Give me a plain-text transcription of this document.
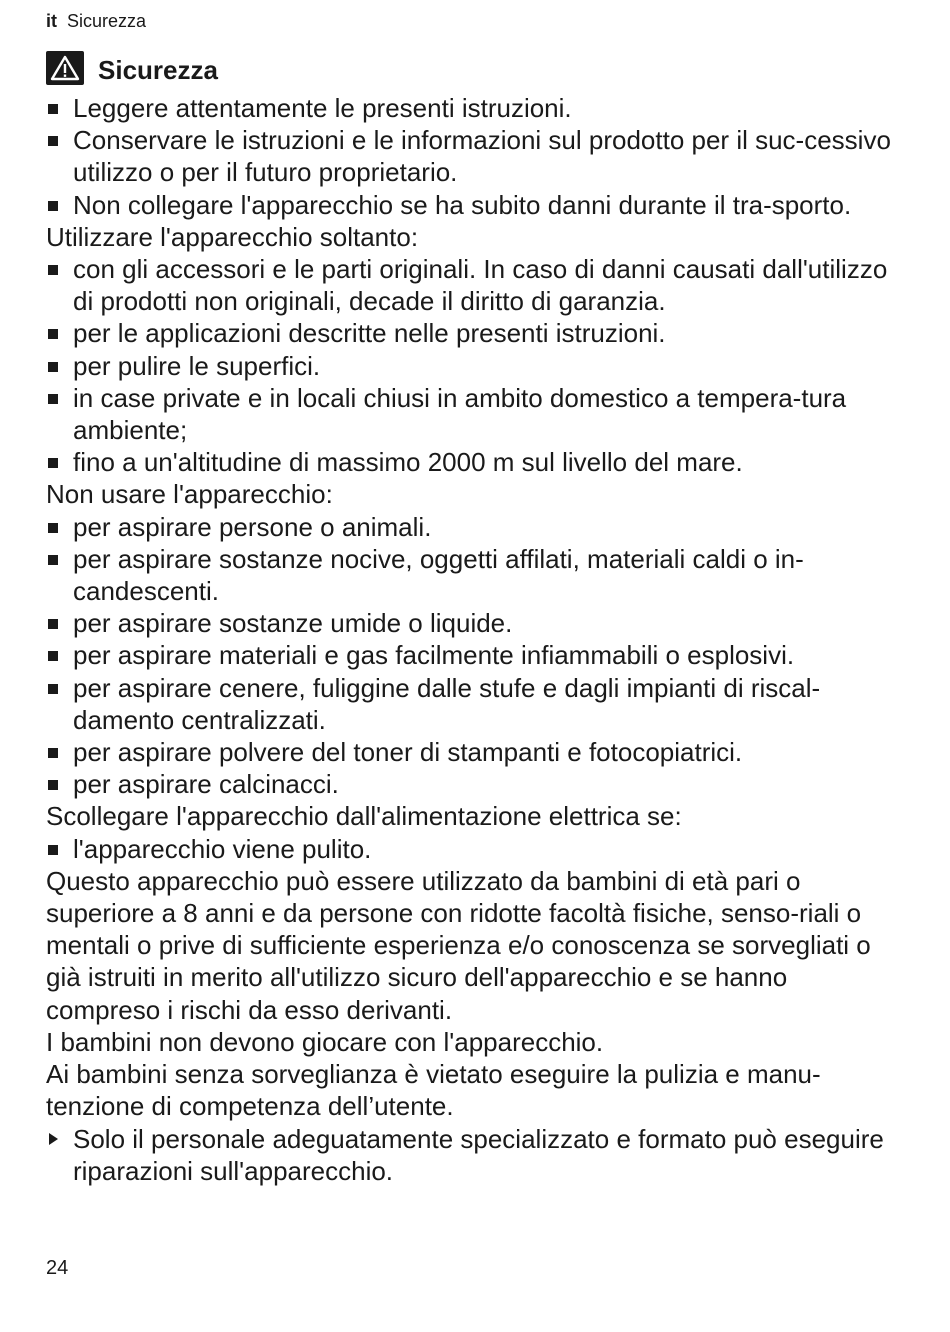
it Sicurezza
Sicurezza
Leggere attentamente le presenti istruzioni.
Conservare le istruzioni e le informazioni sul prodotto per il suc-cessivo utilizzo o per il futuro proprietario.
Non collegare l'apparecchio se ha subito danni durante il tra-sporto.

Utilizzare l'apparecchio soltanto:

con gli accessori e le parti originali. In caso di danni causati dall'utilizzo di prodotti non originali, decade il diritto di garanzia.
per le applicazioni descritte nelle presenti istruzioni.
per pulire le superfici.
in case private e in locali chiusi in ambito domestico a tempera-tura ambiente;
fino a un'altitudine di massimo 2000 m sul livello del mare.

Non usare l'apparecchio:

per aspirare persone o animali.
per aspirare sostanze nocive, oggetti affilati, materiali caldi o in-candescenti.
per aspirare sostanze umide o liquide.
per aspirare materiali e gas facilmente infiammabili o esplosivi.
per aspirare cenere, fuliggine dalle stufe e dagli impianti di riscal-damento centralizzati.
per aspirare polvere del toner di stampanti e fotocopiatrici.
per aspirare calcinacci.

Scollegare l'apparecchio dall'alimentazione elettrica se:

l'apparecchio viene pulito.

Questo apparecchio può essere utilizzato da bambini di età pari o superiore a 8 anni e da persone con ridotte facoltà fisiche, senso-riali o mentali o prive di sufficiente esperienza e/o conoscenza se sorvegliati o già istruiti in merito all'utilizzo sicuro dell'apparecchio e se hanno compreso i rischi da esso derivanti.

I bambini non devono giocare con l'apparecchio.

Ai bambini senza sorveglianza è vietato eseguire la pulizia e manu-tenzione di competenza dell’utente.

Solo il personale adeguatamente specializzato e formato può eseguire riparazioni sull'apparecchio.
24
